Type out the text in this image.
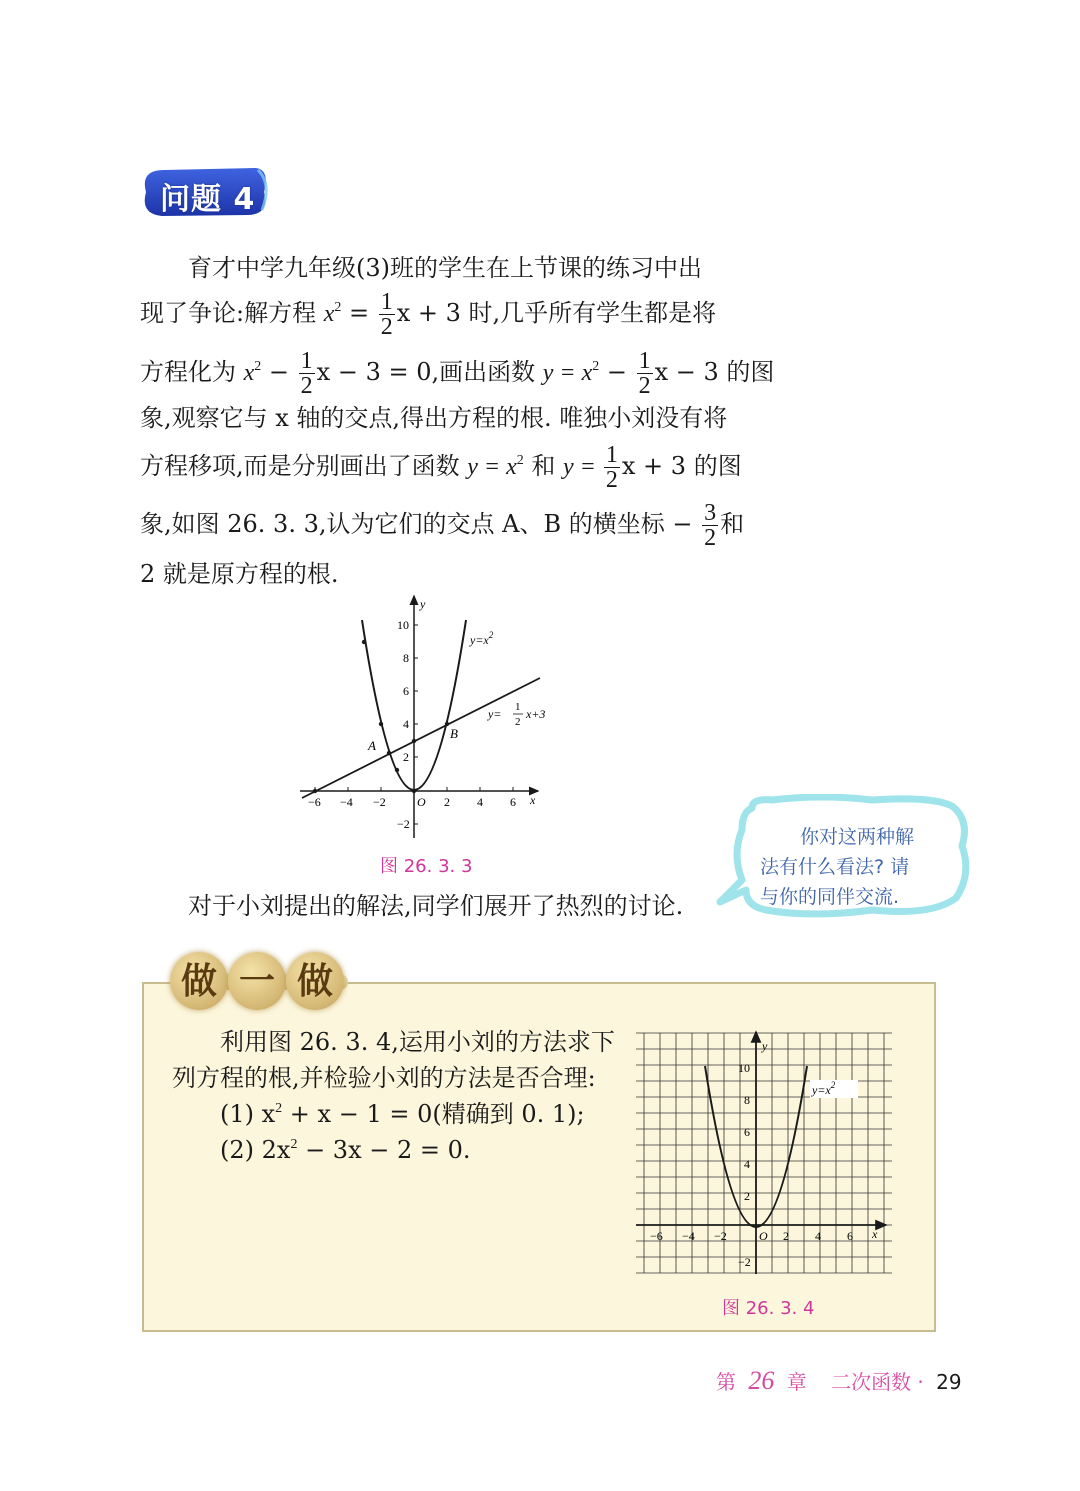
问题 4
育才中学九年级(3)班的学生在上节课的练习中出
现了争论:解方程 $x^2 = \frac{1}{2}$ x + 3 时,几乎所有学生都是将
方程化为 $x^2 - \frac{1}{2}$ x − 3 = 0,画出函数 $y = x^2 - \frac{1}{2}$ x − 3 的图
象,观察它与 x 轴的交点,得出方程的根. 唯独小刘没有将
方程移项,而是分别画出了函数 $y = x^2$ 和 $y = \frac{1}{2}$ x + 3 的图
象,如图 26. 3. 3,认为它们的交点 A、B 的横坐标 − $\frac{3}{2}$ 和
2 就是原方程的根.
−6 −4 −2	2 4 6
10
8
6
4
2
−2
O
y
x
A
B
$y=x^2$
y= 1
2
x+3
图 26. 3. 3
对于小刘提出的解法,同学们展开了热烈的讨论.
你对这两种解
法有什么看法? 请
与你的同伴交流.
做 一 做
利用图 26. 3. 4,运用小刘的方法求下
列方程的根,并检验小刘的方法是否合理:
(1) $x^2 + x - 1 = 0$(精确到 0. 1);
(2) $2x^2 - 3x - 2 = 0$.
−6 −4 −2	2 4 6
10
8
6
4
2
−2
O
y
x
$y=x^2$
图 26. 3. 4
第 26 章 二次函数 · 29
